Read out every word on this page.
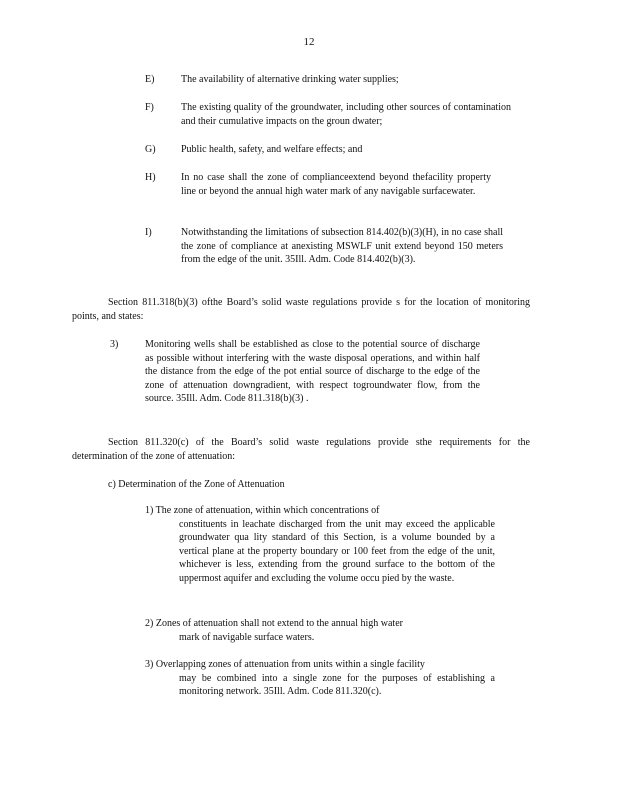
12
E)	The availability of alternative drinking water supplies;
F)	The existing quality of the groundwater, including other sources of contamination and their cumulative impacts on the groun dwater;
G)	Public health, safety, and welfare effects; and
H)	In no case shall the zone of complianceextend beyond thefacility property line or beyond the annual high water mark of any navigable surfacewater.
I)	Notwithstanding the limitations of subsection 814.402(b)(3)(H), in no case shall the zone of compliance at anexisting MSWLF unit extend beyond 150 meters from the edge of the unit. 35Ill. Adm. Code 814.402(b)(3).
Section 811.318(b)(3) ofthe Board’s solid waste regulations provide s for the location of monitoring points, and states:
3)	Monitoring wells shall be established as close to the potential source of discharge as possible without interfering with the waste disposal operations, and within half the distance from the edge of the pot ential source of discharge to the edge of the zone of attenuation downgradient, with respect togroundwater flow, from the source. 35Ill. Adm. Code 811.318(b)(3) .
Section 811.320(c) of the Board’s solid waste regulations provide sthe requirements for the determination of the zone of attenuation:
c) Determination of the Zone of Attenuation
1) The zone of attenuation, within which concentrations of
constituents in leachate discharged from the unit may exceed the applicable groundwater qua lity standard of this Section, is a volume bounded by a vertical plane at the property boundary or 100 feet from the edge of the unit, whichever is less, extending from the ground surface to the bottom of the uppermost aquifer and excluding the volume occu pied by the waste.
2) Zones of attenuation shall not extend to the annual high water
mark of navigable surface waters.
3) Overlapping zones of attenuation from units within a single facility
may be combined into a single zone for the purposes of establishing a monitoring network. 35Ill. Adm. Code 811.320(c).
